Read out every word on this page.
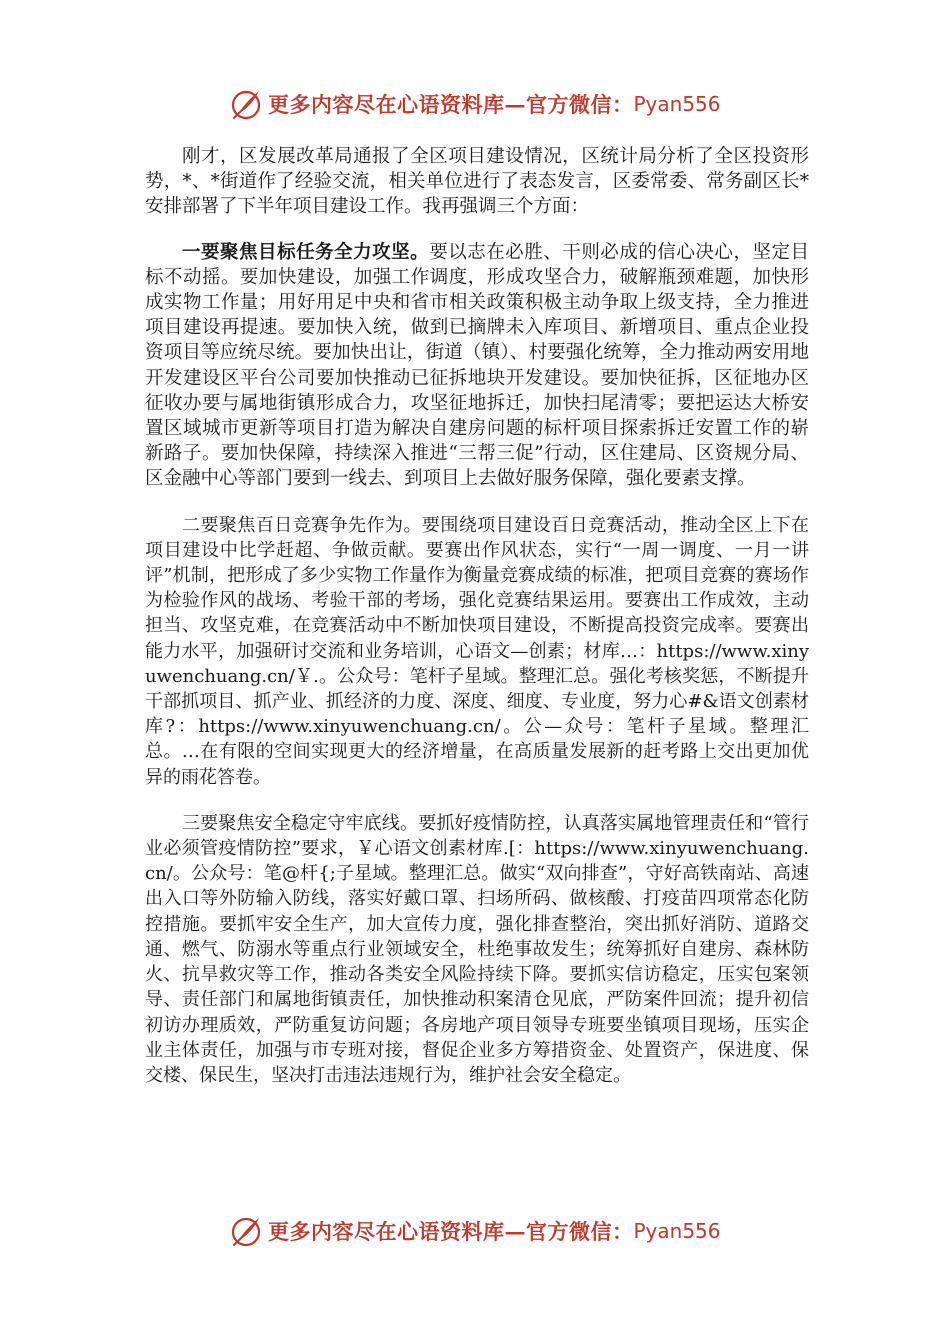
更多内容尽在心语资料库—官方微信： Pyan556

刚才，区发展改革局通报了全区项目建设情况，区统计局分析了全区投资形势，*、*街道作了经验交流，相关单位进行了表态发言，区委常委、常务副区长*安排部署了下半年项目建设工作。我再强调三个方面：

一要聚焦目标任务全力攻坚。要以志在必胜、干则必成的信心决心，坚定目标不动摇。要加快建设，加强工作调度，形成攻坚合力，破解瓶颈难题，加快形成实物工作量；用好用足中央和省市相关政策积极主动争取上级支持，全力推进项目建设再提速。要加快入统，做到已摘牌未入库项目、新增项目、重点企业投资项目等应统尽统。要加快出让，街道（镇）、村要强化统筹，全力推动两安用地开发建设区平台公司要加快推动已征拆地块开发建设。要加快征拆，区征地办区征收办要与属地街镇形成合力，攻坚征地拆迁，加快扫尾清零；要把运达大桥安置区域城市更新等项目打造为解决自建房问题的标杆项目探索拆迁安置工作的崭新路子。要加快保障，持续深入推进“三帮三促”行动，区住建局、区资规分局、区金融中心等部门要到一线去、到项目上去做好服务保障，强化要素支撑。

二要聚焦百日竞赛争先作为。要围绕项目建设百日竞赛活动，推动全区上下在项目建设中比学赶超、争做贡献。要赛出作风状态，实行“一周一调度、一月一讲评”机制，把形成了多少实物工作量作为衡量竞赛成绩的标准，把项目竞赛的赛场作为检验作风的战场、考验干部的考场，强化竞赛结果运用。要赛出工作成效，主动担当、攻坚克难，在竞赛活动中不断加快项目建设，不断提高投资完成率。要赛出能力水平，加强研讨交流和业务培训，心语文—创素；材库…：https://www.xinyuwenchuang.cn/￥.。公众号：笔杆子星域。整理汇总。强化考核奖惩，不断提升干部抓项目、抓产业、抓经济的力度、深度、细度、专业度，努力心#&语文创素材库?：https://www.xinyuwenchuang.cn/。公—众号：笔杆子星域。整理汇总。…在有限的空间实现更大的经济增量，在高质量发展新的赶考路上交出更加优异的雨花答卷。

三要聚焦安全稳定守牢底线。要抓好疫情防控，认真落实属地管理责任和“管行业必须管疫情防控”要求，￥心语文创素材库.[：https://www.xinyuwenchuang.cn/。公众号：笔@杆{;子星域。整理汇总。做实“双向排查”，守好高铁南站、高速出入口等外防输入防线，落实好戴口罩、扫场所码、做核酸、打疫苗四项常态化防控措施。要抓牢安全生产，加大宣传力度，强化排查整治，突出抓好消防、道路交通、燃气、防溺水等重点行业领域安全，杜绝事故发生；统筹抓好自建房、森林防火、抗旱救灾等工作，推动各类安全风险持续下降。要抓实信访稳定，压实包案领导、责任部门和属地街镇责任，加快推动积案清仓见底，严防案件回流；提升初信初访办理质效，严防重复访问题；各房地产项目领导专班要坐镇项目现场，压实企业主体责任，加强与市专班对接，督促企业多方筹措资金、处置资产，保进度、保交楼、保民生，坚决打击违法违规行为，维护社会安全稳定。

更多内容尽在心语资料库—官方微信： Pyan556
